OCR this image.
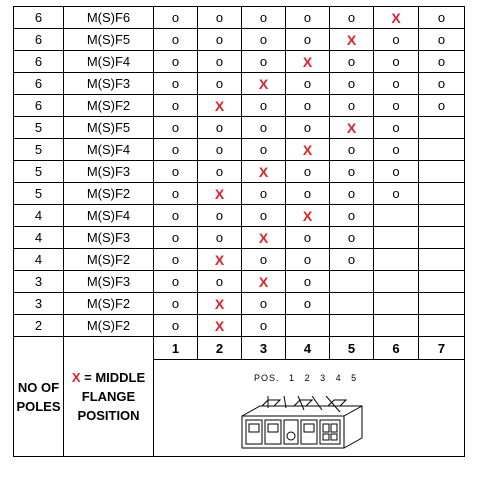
6	M(S)F6	o	o	o	o	o	X	o
6	M(S)F5	o	o	o	o	X	o	o
6	M(S)F4	o	o	o	X	o	o	o
6	M(S)F3	o	o	X	o	o	o	o
6	M(S)F2	o	X	o	o	o	o	o
5	M(S)F5	o	o	o	o	X	o	
5	M(S)F4	o	o	o	X	o	o	
5	M(S)F3	o	o	X	o	o	o	
5	M(S)F2	o	X	o	o	o	o	
4	M(S)F4	o	o	o	X	o		
4	M(S)F3	o	o	X	o	o		
4	M(S)F2	o	X	o	o	o		
3	M(S)F3	o	o	X	o			
3	M(S)F2	o	X	o	o			
2	M(S)F2	o	X	o				
NO OF POLES	X = MIDDLE FLANGE POSITION	1	2	3	4	5	6	7

		POS. 1 2 3 4 5						
